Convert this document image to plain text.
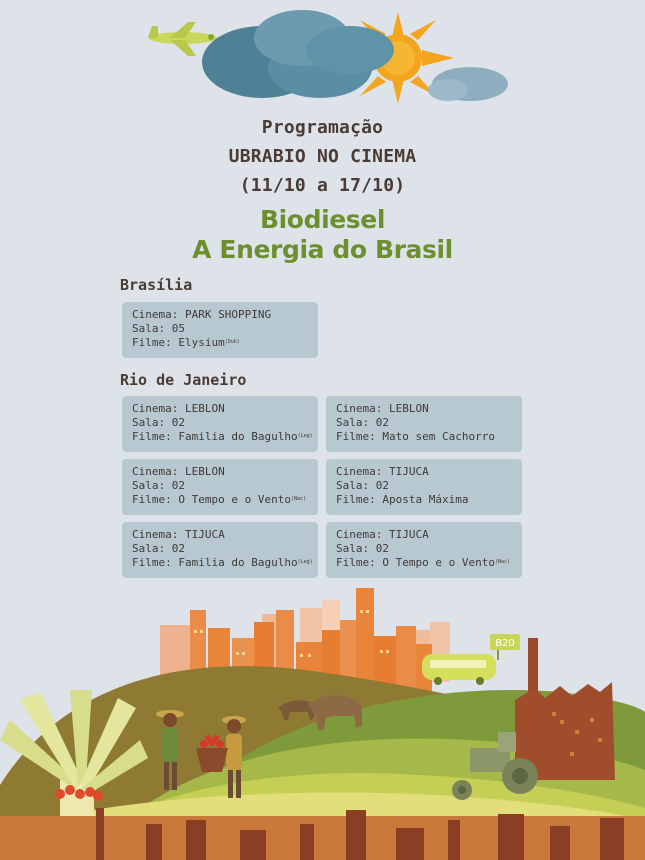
Programação
UBRABIO NO CINEMA
(11/10 a 17/10)
Biodiesel
A Energia do Brasil
Brasília
Cinema: PARK SHOPPING
Sala: 05
Filme: Elysium$^{(Dub)}$
Rio de Janeiro
Cinema: LEBLON
Sala: 02
Filme: Familia do Bagulho$^{(Leg)}$
Cinema: LEBLON
Sala: 02
Filme: Mato sem Cachorro
Cinema: LEBLON
Sala: 02
Filme: O Tempo e o Vento$^{(Nac)}$
Cinema: TIJUCA
Sala: 02
Filme: Aposta Máxima
Cinema: TIJUCA
Sala: 02
Filme: Familia do Bagulho$^{(Leg)}$
Cinema: TIJUCA
Sala: 02
Filme: O Tempo e o Vento$^{(Nac)}$
B20
